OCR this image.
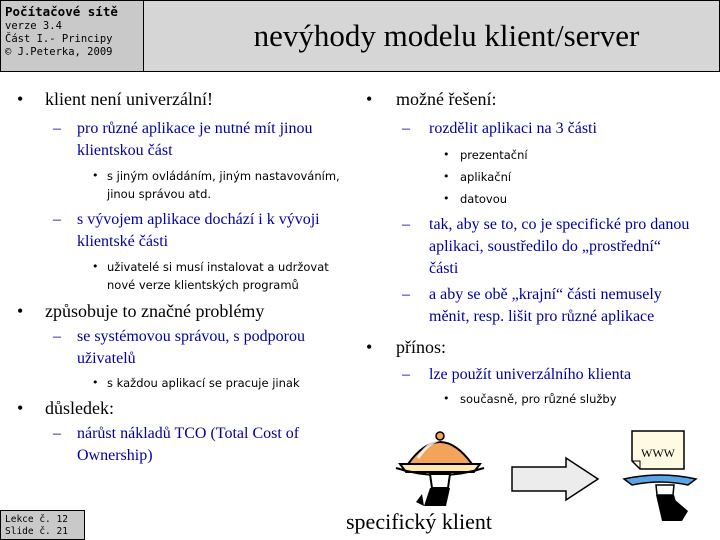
Počítačové sítě
verze 3.4
Část I.- Principy
© J.Peterka, 2009	nevýhody modelu klient/server
• klient není univerzální!
– pro různé aplikace je nutné mít jinou klientskou část
• s jiným ovládáním, jiným nastavováním, jinou správou atd.
– s vývojem aplikace dochází i k vývoji klientské části
• uživatelé si musí instalovat a udržovat nové verze klientských programů
• způsobuje to značné problémy
– se systémovou správou, s podporou uživatelů
• s každou aplikací se pracuje jinak
• důsledek:
– nárůst nákladů TCO (Total Cost of Ownership)
• možné řešení:
– rozdělit aplikaci na 3 části
• prezentační
• aplikační
• datovou
– tak, aby se to, co je specifické pro danou aplikaci, soustředilo do „prostřední“ části
– a aby se obě „krajní“ části nemusely měnit, resp. lišit pro různé aplikace
• přínos:
– lze použít univerzálního klienta
• současně, pro různé služby
WWW
Lekce č. 12
Slide č. 21	specifický klient
